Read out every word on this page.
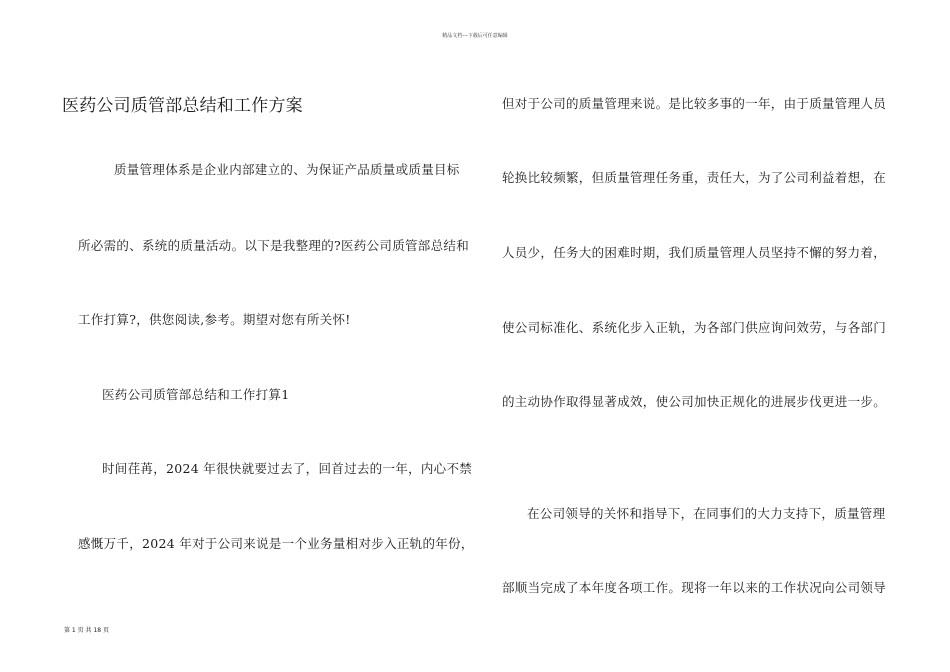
精品文档---下载后可任意编辑
医药公司质管部总结和工作方案
质量管理体系是企业内部建立的、为保证产品质量或质量目标
所必需的、系统的质量活动。以下是我整理的?医药公司质管部总结和
工作打算?，供您阅读,参考。期望对您有所关怀!
医药公司质管部总结和工作打算1
时间荏苒，2024 年很快就要过去了，回首过去的一年，内心不禁
感慨万千，2024 年对于公司来说是一个业务量相对步入正轨的年份，
但对于公司的质量管理来说。是比较多事的一年，由于质量管理人员
轮换比较频繁，但质量管理任务重，责任大，为了公司利益着想，在
人员少，任务大的困难时期，我们质量管理人员坚持不懈的努力着，
使公司标准化、系统化步入正轨，为各部门供应询问效劳，与各部门
的主动协作取得显著成效，使公司加快正规化的进展步伐更进一步。
在公司领导的关怀和指导下，在同事们的大力支持下，质量管理
部顺当完成了本年度各项工作。现将一年以来的工作状况向公司领导
第 1 页 共 18 页
